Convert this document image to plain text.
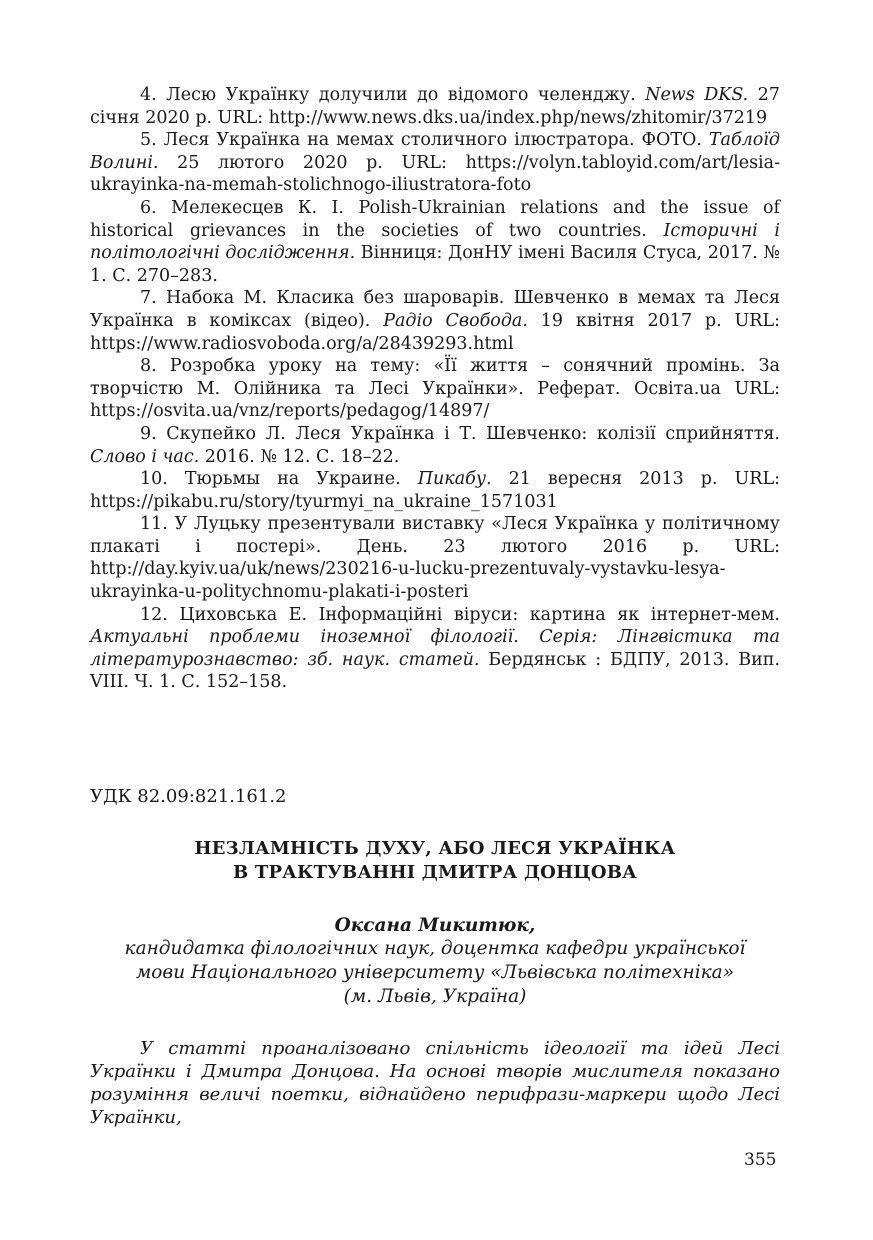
4. Лесю Українку долучили до відомого челенджу. News DKS. 27 січня 2020 р. URL: http://www.news.dks.ua/index.php/news/zhitomir/37219

5. Леся Українка на мемах столичного ілюстратора. ФОТО. Таблоїд Волині. 25 лютого 2020 р. URL: https://volyn.tabloyid.com/art/lesia-ukrayinka-na-memah-stolichnogo-iliustratora-foto

6. Мелекесцев К. І. Polish-Ukrainian relations and the issue of historical grievances in the societies of two countries. Історичні і політологічні дослідження. Вінниця: ДонНУ імені Василя Стуса, 2017. № 1. С. 270–283.

7. Набока М. Класика без шароварів. Шевченко в мемах та Леся Українка в коміксах (відео). Радіо Свобода. 19 квітня 2017 р. URL: https://www.radiosvoboda.org/a/28439293.html

8. Розробка уроку на тему: «Її життя – сонячний промінь. За творчістю М. Олійника та Лесі Українки». Реферат. Освіта.ua URL: https://osvita.ua/vnz/reports/pedagog/14897/

9. Скупейко Л. Леся Українка і Т. Шевченко: колізії сприйняття. Слово і час. 2016. № 12. С. 18–22.

10. Тюрьмы на Украине. Пикабу. 21 вересня 2013 р. URL: https://pikabu.ru/story/tyurmyi_na_ukraine_1571031

11. У Луцьку презентували виставку «Леся Українка у політичному плакаті і постері». День. 23 лютого 2016 р. URL: http://day.kyiv.ua/uk/news/230216-u-lucku-prezentuvaly-vystavku-lesya-ukrayinka-u-politychnomu-plakati-i-posteri

12. Циховська Е. Інформаційні віруси: картина як інтернет-мем. Актуальні проблеми іноземної філології. Серія: Лінгвістика та літературознавство: зб. наук. статей. Бердянськ : БДПУ, 2013. Вип. VIII. Ч. 1. С. 152–158.

УДК 82.09:821.161.2
НЕЗЛАМНІСТЬ ДУХУ, АБО ЛЕСЯ УКРАЇНКА
В ТРАКТУВАННІ ДМИТРА ДОНЦОВА
Оксана Микитюк,
кандидатка філологічних наук, доцентка кафедри української
мови Національного університету «Львівська політехніка»
(м. Львів, Україна)

У статті проаналізовано спільність ідеології та ідей Лесі Українки і Дмитра Донцова. На основі творів мислителя показано розуміння величі поетки, віднайдено перифрази-маркери щодо Лесі Українки,

355
